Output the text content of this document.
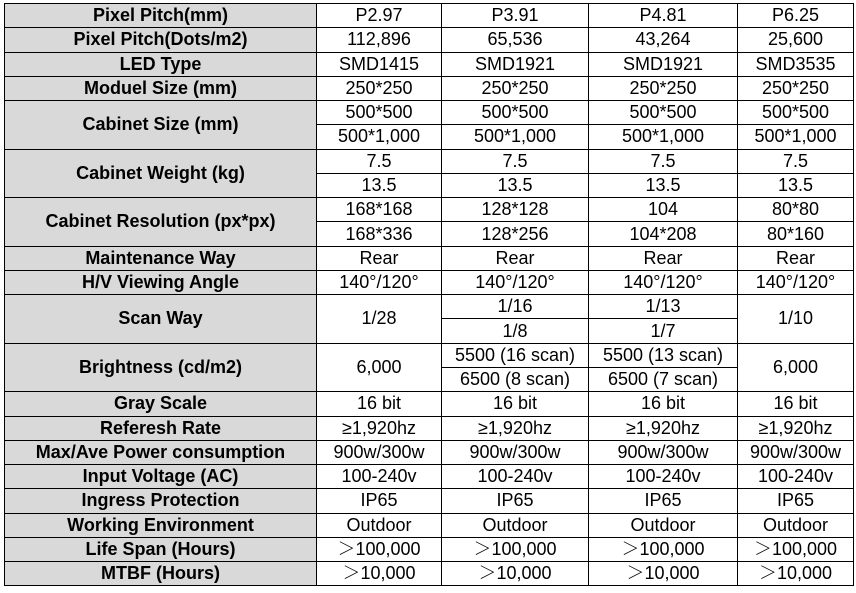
Pixel Pitch(mm)	P2.97	P3.91	P4.81	P6.25
Pixel Pitch(Dots/m2)	112,896	65,536	43,264	25,600
LED Type	SMD1415	SMD1921	SMD1921	SMD3535
Moduel Size (mm)	250*250	250*250	250*250	250*250
Cabinet Size (mm)	500*500	500*500	500*500	500*500
	500*1,000	500*1,000	500*1,000	500*1,000
Cabinet Weight (kg)	7.5	7.5	7.5	7.5
	13.5	13.5	13.5	13.5
Cabinet Resolution (px*px)	168*168	128*128	104	80*80
	168*336	128*256	104*208	80*160
Maintenance Way	Rear	Rear	Rear	Rear
H/V Viewing Angle	140°/120°	140°/120°	140°/120°	140°/120°
Scan Way	1/28	1/16	1/13	1/10
		1/8	1/7	
Brightness (cd/m2)	6,000	5500 (16 scan)	5500 (13 scan)	6,000
		6500 (8 scan)	6500 (7 scan)	
Gray Scale	16 bit	16 bit	16 bit	16 bit
Referesh Rate	≥1,920hz	≥1,920hz	≥1,920hz	≥1,920hz
Max/Ave Power consumption	900w/300w	900w/300w	900w/300w	900w/300w
Input Voltage (AC)	100-240v	100-240v	100-240v	100-240v
Ingress Protection	IP65	IP65	IP65	IP65
Working Environment	Outdoor	Outdoor	Outdoor	Outdoor
Life Span (Hours)	＞100,000	＞100,000	＞100,000	＞100,000
MTBF (Hours)	＞10,000	＞10,000	＞10,000	＞10,000
